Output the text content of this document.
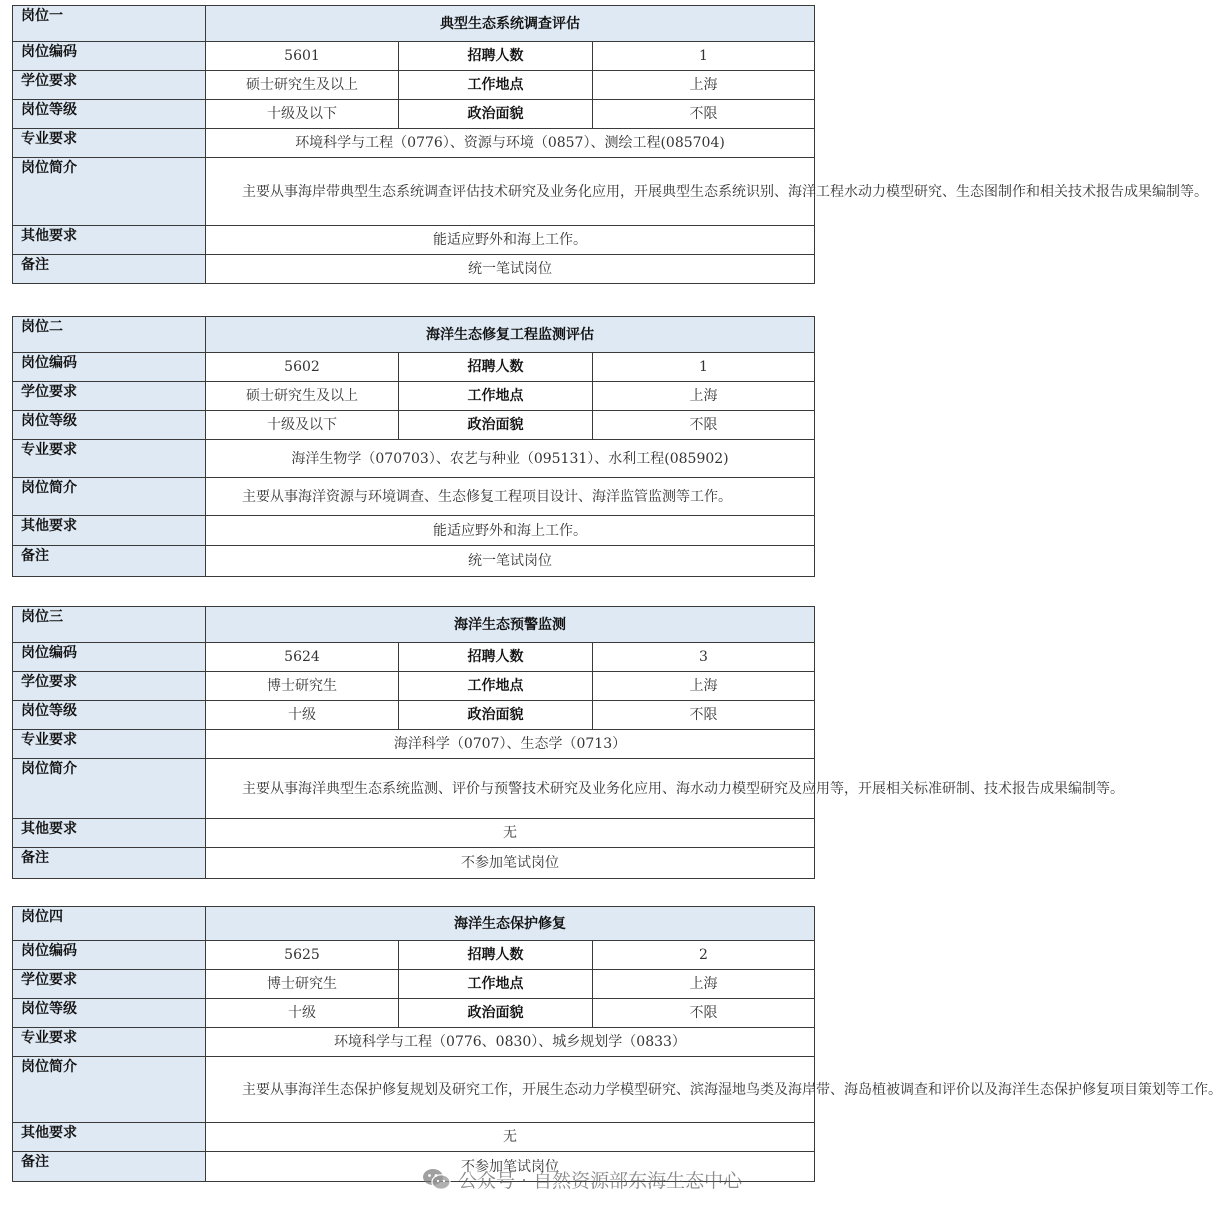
岗位一	典型生态系统调查评估		
岗位编码	5601	招聘人数	1
学位要求	硕士研究生及以上	工作地点	上海
岗位等级	十级及以下	政治面貌	不限
专业要求	环境科学与工程（0776）、资源与环境（0857）、测绘工程(085704)		
岗位简介	主要从事海岸带典型生态系统调查评估技术研究及业务化应用，开展典型生态系统识别、海洋工程水动力模型研究、生态图制作和相关技术报告成果编制等。		
其他要求	能适应野外和海上工作。		
备注	统一笔试岗位		
岗位二	海洋生态修复工程监测评估		
岗位编码	5602	招聘人数	1
学位要求	硕士研究生及以上	工作地点	上海
岗位等级	十级及以下	政治面貌	不限
专业要求	海洋生物学（070703）、农艺与种业（095131）、水利工程(085902)		
岗位简介	主要从事海洋资源与环境调查、生态修复工程项目设计、海洋监管监测等工作。		
其他要求	能适应野外和海上工作。		
备注	统一笔试岗位		
岗位三	海洋生态预警监测		
岗位编码	5624	招聘人数	3
学位要求	博士研究生	工作地点	上海
岗位等级	十级	政治面貌	不限
专业要求	海洋科学（0707）、生态学（0713）		
岗位简介	主要从事海洋典型生态系统监测、评价与预警技术研究及业务化应用、海水动力模型研究及应用等，开展相关标准研制、技术报告成果编制等。		
其他要求	无		
备注	不参加笔试岗位		
岗位四	海洋生态保护修复		
岗位编码	5625	招聘人数	2
学位要求	博士研究生	工作地点	上海
岗位等级	十级	政治面貌	不限
专业要求	环境科学与工程（0776、0830）、城乡规划学（0833）		
岗位简介	主要从事海洋生态保护修复规划及研究工作，开展生态动力学模型研究、滨海湿地鸟类及海岸带、海岛植被调查和评价以及海洋生态保护修复项目策划等工作。		
其他要求	无		
备注	不参加笔试岗位		
公众号 · 自然资源部东海生态中心
